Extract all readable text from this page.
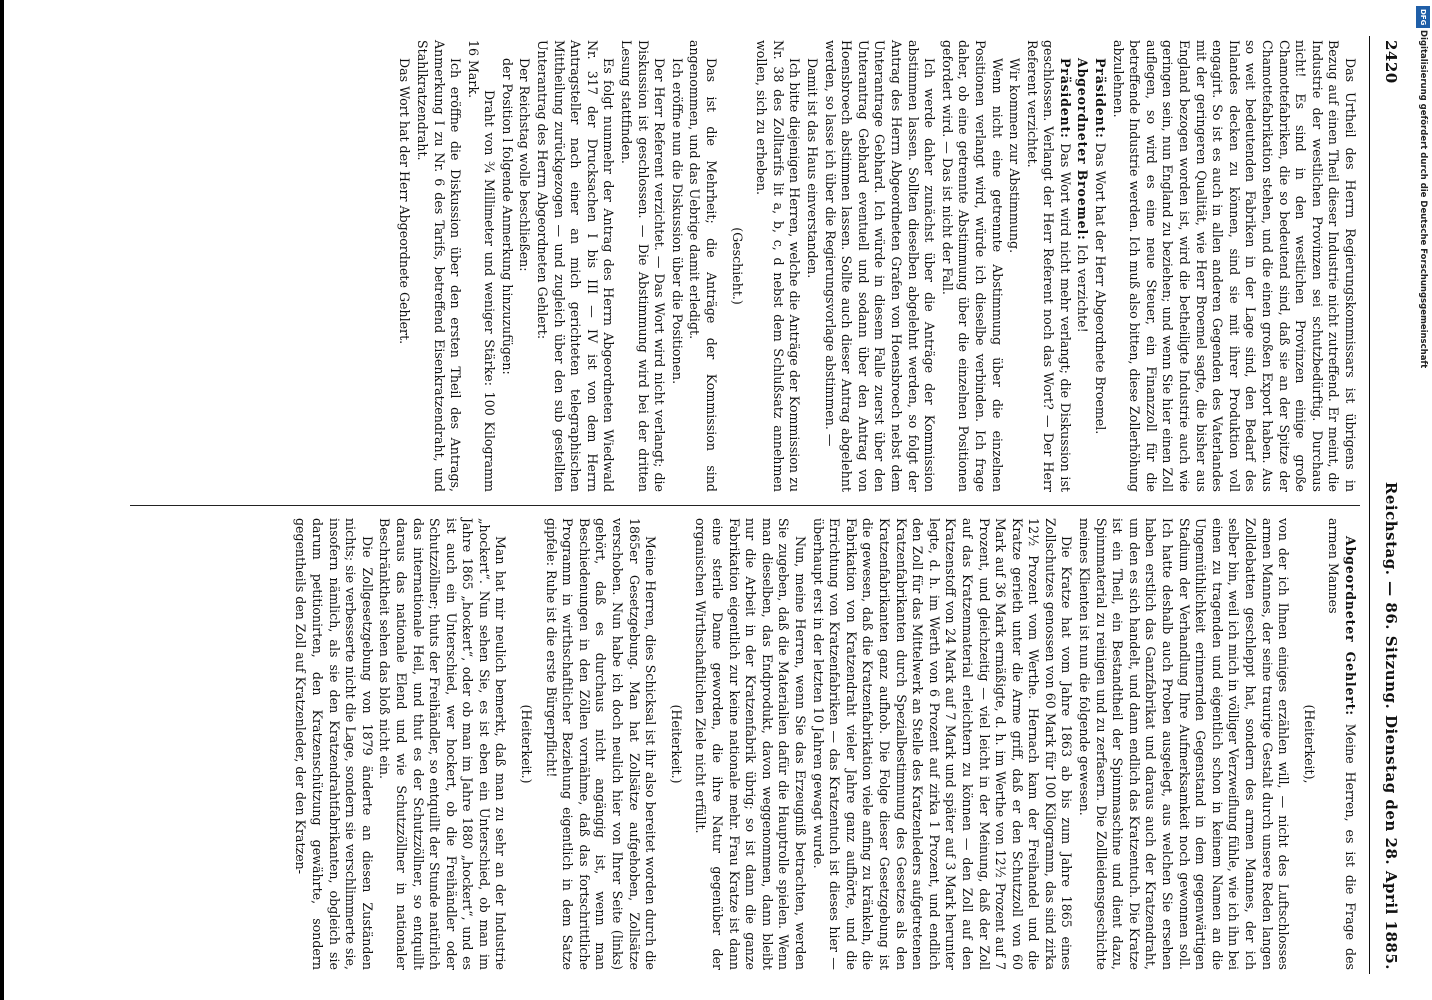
2420
Reichstag. — 86. Sitzung. Dienstag den 28. April 1885.

Das Urtheil des Herrn Regierungskommissars ist übrigens in Bezug auf einen Theil dieser Industrie nicht zutreffend. Er meint, die Industrie der westlichen Provinzen sei schutzbedürftig. Durchaus nicht! Es sind in den westlichen Provinzen einige große Chamottefabriken, die so bedeutend sind, daß sie an der Spitze der Chamottefabrikation stehen, und die einen großen Export haben. Aus so weit bedeutenden Fabriken in der Lage sind, den Bedarf des Inlandes decken zu können, sind sie mit ihrer Produktion voll engagirt. So ist es auch in allen anderen Gegenden des Vaterlandes mit der geringeren Qualität, wie Herr Broemel sagte, die bisher aus England bezogen worden ist, wird die betheiligte Industrie auch wie geringen sein, nun England zu beziehen; und wenn Sie hier einen Zoll auflegen, so wird es eine neue Steuer, ein Finanzzoll für die betreffende Industrie werden. Ich muß also bitten, diese Zollerhöhung abzulehnen.

Präsident: Das Wort hat der Herr Abgeordnete Broemel.

Abgeordneter Broemel: Ich verzichte!

Präsident: Das Wort wird nicht mehr verlangt; die Diskussion ist geschlossen. Verlangt der Herr Referent noch das Wort? — Der Herr Referent verzichtet.

Wir kommen zur Abstimmung.

Wenn nicht eine getrennte Abstimmung über die einzelnen Positionen verlangt wird, würde ich dieselbe verbinden. Ich frage daher, ob eine getrennte Abstimmung über die einzelnen Positionen gefordert wird. — Das ist nicht der Fall.

Ich werde daher zunächst über die Anträge der Kommission abstimmen lassen. Sollten dieselben abgelehnt werden, so folgt der Antrag des Herrn Abgeordneten Grafen von Hoensbroech nebst dem Unterantrage Gebhard. Ich würde in diesem Falle zuerst über den Unterantrag Gebhard eventuell und sodann über den Antrag von Hoensbroech abstimmen lassen. Sollte auch dieser Antrag abgelehnt werden, so lasse ich über die Regierungsvorlage abstimmen. —

Damit ist das Haus einverstanden.

Ich bitte diejenigen Herren, welche die Anträge der Kommission zu Nr. 38 des Zolltarifs lit a, b, c, d nebst dem Schlußsatz annehmen wollen, sich zu erheben.

(Geschieht.)

Das ist die Mehrheit; die Anträge der Kommission sind angenommen, und das Uebrige damit erledigt.

Ich eröffne nun die Diskussion über die Positionen.

Der Herr Referent verzichtet. — Das Wort wird nicht verlangt; die Diskussion ist geschlossen. — Die Abstimmung wird bei der dritten Lesung stattfinden.

Es folgt nunmehr der Antrag des Herrn Abgeordneten Wiedwald Nr. 317 der Drucksachen I bis III — IV ist von dem Herrn Antragsteller nach einer an mich gerichteten telegraphischen Mittheilung zurückgezogen — und zugleich über den sub gestellten Unterantrag des Herrn Abgeordneten Gehlert:

Der Reichstag wolle beschließen:

der Position l folgende Anmerkung hinzuzufügen:

Draht von ¾ Millimeter und weniger Stärke: 100 Kilogramm 16 Mark.

Ich eröffne die Diskussion über den ersten Theil des Antrags, Anmerkung I zu Nr. 6 des Tarifs, betreffend Eisenkratzendraht, und Stahlkratzendraht.

Das Wort hat der Herr Abgeordnete Gehlert.

Abgeordneter Gehlert: Meine Herren, es ist die Frage des armen Mannes

(Heiterkeit),

von der ich Ihnen einiges erzählen will, — nicht des Luftschlosses armen Mannes, der seine traurige Gestalt durch unsere Reden langen Zolldebatten geschleppt hat, sondern des armen Mannes, der ich selber bin, weil ich mich in völliger Verzweiflung fühle, wie ich ihn bei einen zu tragenden und eigentlich schon in keinem Namen an die Ungemüthlichkeit erinnernden Gegenstand in dem gegenwärtigen Stadium der Verhandlung Ihre Aufmerksamkeit noch gewonnen soll. Ich hatte deshalb auch Proben ausgelegt, aus welchen Sie ersehen haben erstlich das Ganzfabrikat und daraus auch der Kratzendraht, um den es sich handelt, und dann endlich das Kratzentuch. Die Kratze ist ein Theil, ein Bestandtheil der Spinnmaschine und dient dazu, Spinnmaterial zu reinigen und zu zerfasern. Die Zollleidensgeschichte meines Klienten ist nun die folgende gewesen.

Die Kratze hat vom Jahre 1863 ab bis zum Jahre 1865 eines Zollschutzes genossen von 60 Mark für 100 Kilogramm, das sind zirka 12½ Prozent vom Werthe. Hernach kam der Freihandel und die Kratze gerieth unter die Arme griff, daß er den Schutzzoll von 60 Mark auf 36 Mark ermäßigte, d. h. im Werthe von 12½ Prozent auf 7 Prozent, und gleichzeitig — viel leicht in der Meinung, daß der Zoll auf das Kratzenmaterial erleichtern zu können — den Zoll auf den Kratzenstoff von 24 Mark auf 7 Mark und später auf 3 Mark herunter legte, d. h. im Werth von 6 Prozent auf zirka 1 Prozent, und endlich den Zoll für das Mittelwerk an Stelle des Kratzenleders aufgetretenen Kratzenfabrikanten durch Spezialbestimmung des Gesetzes als den Kratzenfabrikanten ganz aufhob. Die Folge dieser Gesetzgebung ist die gewesen, daß die Kratzenfabrikation viele anfing zu kränkeln, die Fabrikation von Kratzendraht vieler Jahre ganz aufhörte, und die Errichtung von Kratzenfabriken — das Kratzentuch ist dieses hier — überhaupt erst in der letzten 10 Jahren gewagt wurde.

Nun, meine Herren, wenn Sie das Erzeugniß betrachten, werden Sie zugeben, daß die Materialien dafür die Hauptrolle spielen. Wenn man dieselben, das Endprodukt, davon weggenommen, dann bleibt nur die Arbeit in der Kratzenfabrik übrig; so ist dann die ganze Fabrikation eigentlich zur keine nationale mehr. Frau Kratze ist dann eine sterile Dame geworden, die ihre Natur gegenüber der organischen Wirthschaftlichen Ziele nicht erfüllt.

(Heiterkeit.)

Meine Herren, dies Schicksal ist ihr also bereitet worden durch die 1865er Gesetzgebung. Man hat Zollsätze aufgehoben, Zollsätze verschoben. Nun habe ich doch neulich hier von Ihrer Seite (links) gehört, daß es durchaus nicht angängig ist, wenn man Beschiedenungen in den Zöllen vornähme, daß das fortschrittliche Programm in wirthschaftlicher Beziehung eigentlich in dem Satze gipfele: Ruhe ist die erste Bürgerpflicht!

(Heiterkeit.)

Man hat mir neulich bemerkt, daß man zu sehr an der Industrie „hockert“. Nun sehen Sie, es ist eben ein Unterschied, ob man im Jahre 1865 „hockert“, oder ob man im Jahre 1880 „hockert“, und es ist auch ein Unterschied, wer hockert, ob die Freihändler oder Schutzzöllner; thuts der Freihändler, so entquillt der Stunde natürlich das internationale Heil, und thut es der Schutzzöllner, so entquillt daraus das nationale Elend und wie Schutzzöllner in nationaler Beschränktheit sehen das bloß nicht ein.

Die Zollgesetzgebung von 1879 änderte an diesen Zuständen nichts; sie verbesserte nicht die Lage, sondern sie verschlimmerte sie, insofern nämlich, als sie den Kratzendrahtfabrikanten, obgleich sie darum petitionirten, den Kratzenschützung gewährte, sondern gegentheils den Zoll auf Kratzenleder, der den Kratzen-

DFG
Digitalisierung gefördert durch die Deutsche Forschungsgemeinschaft
